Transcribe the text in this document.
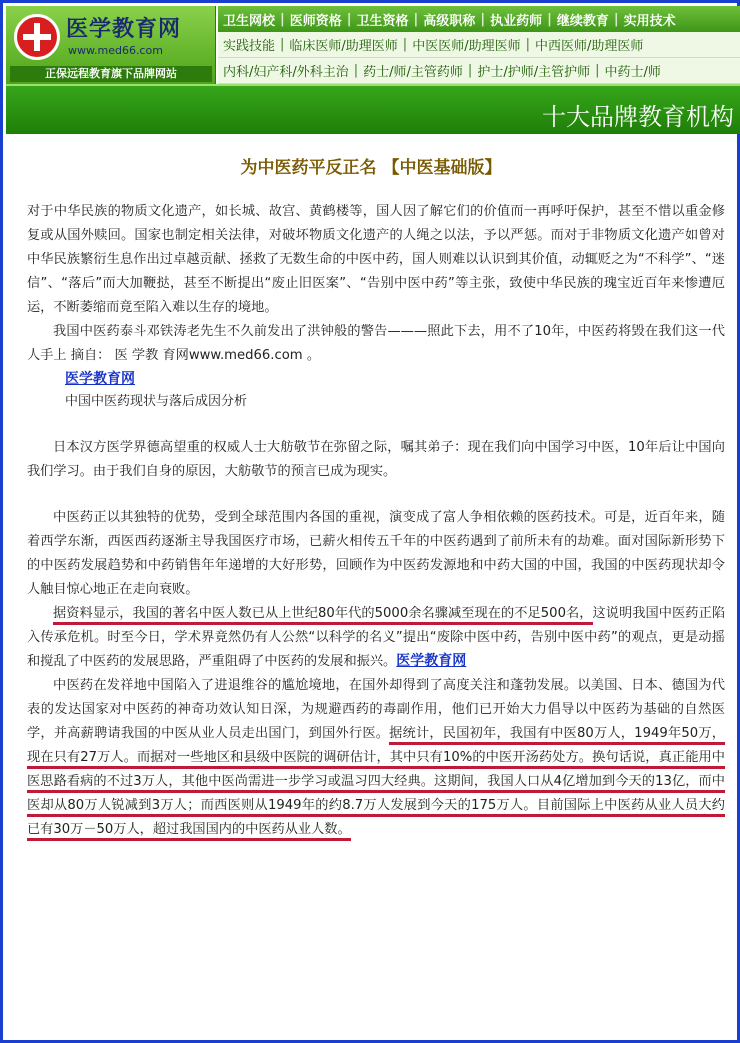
医学教育网
www.med66.com
正保远程教育旗下品牌网站
卫生网校 | 医师资格 | 卫生资格 | 高级职称 | 执业药师 | 继续教育 | 实用技术
实践技能 | 临床医师/助理医师 | 中医医师/助理医师 | 中西医师/助理医师
内科/妇产科/外科主治 | 药士/师/主管药师 | 护士/护师/主管护师 | 中药士/师
十大品牌教育机构
为中医药平反正名 【中医基础版】

对于中华民族的物质文化遗产，如长城、故宫、黄鹤楼等，国人因了解它们的价值而一再呼吁保护，甚至不惜以重金修复或从国外赎回。国家也制定相关法律，对破坏物质文化遗产的人绳之以法，予以严惩。而对于非物质文化遗产如曾对中华民族繁衍生息作出过卓越贡献、拯救了无数生命的中医中药，国人则难以认识到其价值，动辄贬之为“不科学”、“迷信”、“落后”而大加鞭挞，甚至不断提出“废止旧医案”、“告别中医中药”等主张，致使中华民族的瑰宝近百年来惨遭厄运，不断萎缩而竟至陷入难以生存的境地。

我国中医药泰斗邓铁涛老先生不久前发出了洪钟般的警告———照此下去，用不了10年，中医药将毁在我们这一代人手上 摘自： 医 学教 育网www.med66.com 。

医学教育网

中国中医药现状与落后成因分析

日本汉方医学界德高望重的权威人士大舫敬节在弥留之际，嘱其弟子：现在我们向中国学习中医，10年后让中国向我们学习。由于我们自身的原因，大舫敬节的预言已成为现实。

中医药正以其独特的优势，受到全球范围内各国的重视，演变成了富人争相依赖的医药技术。可是，近百年来，随着西学东渐，西医西药逐渐主导我国医疗市场，已薪火相传五千年的中医药遇到了前所未有的劫难。面对国际新形势下的中医药发展趋势和中药销售年年递增的大好形势，回顾作为中医药发源地和中药大国的中国，我国的中医药现状却令人触目惊心地正在走向衰败。

据资料显示，我国的著名中医人数已从上世纪80年代的5000余名骤减至现在的不足500名，这说明我国中医药正陷入传承危机。时至今日，学术界竟然仍有人公然“以科学的名义”提出“废除中医中药，告别中医中药”的观点，更是动摇和搅乱了中医药的发展思路，严重阻碍了中医药的发展和振兴。医学教育网

中医药在发祥地中国陷入了进退维谷的尴尬境地，在国外却得到了高度关注和蓬勃发展。以美国、日本、德国为代表的发达国家对中医药的神奇功效认知日深，为规避西药的毒副作用，他们已开始大力倡导以中医药为基础的自然医学，并高薪聘请我国的中医从业人员走出国门，到国外行医。据统计，民国初年，我国有中医80万人，1949年50万，现在只有27万人。而据对一些地区和县级中医院的调研估计，其中只有10%的中医开汤药处方。换句话说，真正能用中医思路看病的不过3万人，其他中医尚需进一步学习或温习四大经典。这期间，我国人口从4亿增加到今天的13亿，而中医却从80万人锐减到3万人；而西医则从1949年的约8.7万人发展到今天的175万人。目前国际上中医药从业人员大约已有30万－50万人，超过我国国内的中医药从业人数。
